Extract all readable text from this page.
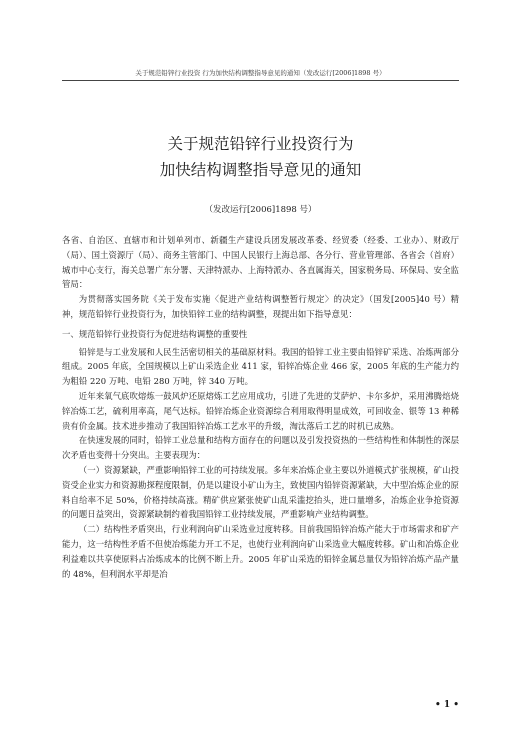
关于规范铅锌行业投资 行为加快结构调整指导意见的通知（发改运行[2006]1898 号）
关于规范铅锌行业投资行为
加快结构调整指导意见的通知
（发改运行[2006]1898 号）

各省、自治区、直辖市和计划单列市、新疆生产建设兵团发展改革委、经贸委（经委、工业办）、财政厅（局）、国土资源厅（局）、商务主管部门、中国人民银行上海总部、各分行、营业管理部、各省会（首府）城市中心支行，海关总署广东分署、天津特派办、上海特派办、各直属海关，国家税务局、环保局、安全监管局：

为贯彻落实国务院《关于发布实施〈促进产业结构调整暂行规定〉的决定》（国发[2005]40 号）精神，规范铅锌行业投资行为，加快铅锌工业的结构调整，现提出如下指导意见：

一、规范铅锌行业投资行为促进结构调整的重要性

铅锌是与工业发展和人民生活密切相关的基础原材料。我国的铅锌工业主要由铅锌矿采选、冶炼两部分组成。2005 年底，全国规模以上矿山采选企业 411 家，铅锌冶炼企业 466 家，2005 年底的生产能力约为粗铅 220 万吨、电铅 280 万吨，锌 340 万吨。

近年来氧气底吹熔炼一鼓风炉还原熔炼工艺应用成功，引进了先进的艾萨炉、卡尔多炉，采用沸腾焙烧锌冶炼工艺，硫利用率高，尾气达标。铅锌冶炼企业资源综合利用取得明显成效，可回收金、银等 13 种稀贵有价金属。技术进步推动了我国铅锌冶炼工艺水平的升级，淘汰落后工艺的时机已成熟。

在快速发展的同时，铅锌工业总量和结构方面存在的问题以及引发投资热的一些结构性和体制性的深层次矛盾也变得十分突出。主要表现为：

（一）资源紧缺，严重影响铅锌工业的可持续发展。多年来冶炼企业主要以外道模式扩张规模，矿山投资受企业实力和资源勘探程度限制，仍是以建设小矿山为主，致使国内铅锌资源紧缺，大中型冶炼企业的原料自给率不足 50%，价格持续高涨。精矿供应紧张使矿山乱采滥挖抬头，进口量增多，冶炼企业争抢资源的问题日益突出，资源紧缺制约着我国铅锌工业持续发展，严重影响产业结构调整。

（二）结构性矛盾突出，行业利润向矿山采选业过度转移。目前我国铅锌冶炼产能大于市场需求和矿产能力，这一结构性矛盾不但使冶炼能力开工不足，也使行业利润向矿山采选业大幅度转移。矿山和冶炼企业利益难以共享使原料占冶炼成本的比例不断上升。2005 年矿山采选的铅锌金属总量仅为铅锌冶炼产品产量的 48%，但利润水平却是冶

• 1 •
